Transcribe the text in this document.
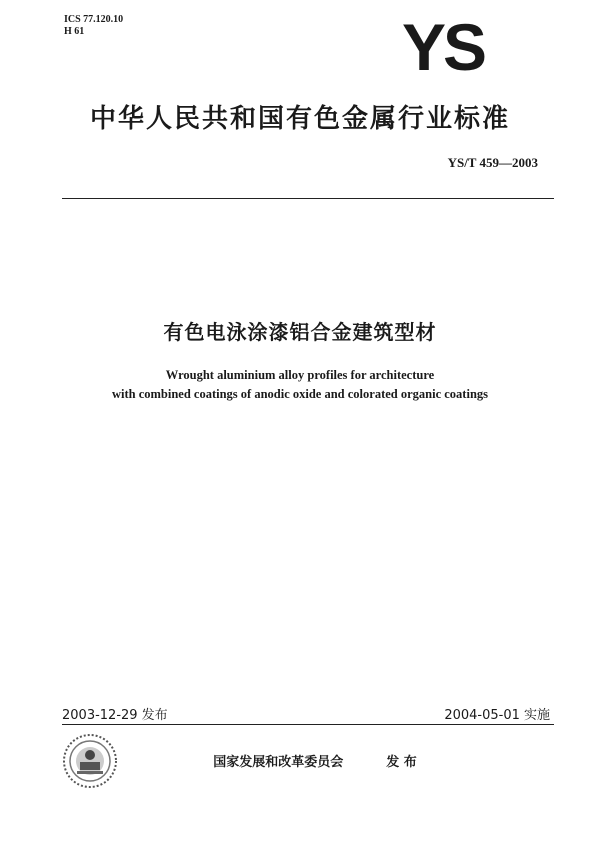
ICS 77.120.10
H 61	YS
中华人民共和国有色金属行业标准
YS/T 459—2003
有色电泳涂漆铝合金建筑型材
Wrought aluminium alloy profiles for architecture
with combined coatings of anodic oxide and colorated organic coatings
2003-12-29 发布	2004-05-01 实施
国家发展和改革委员会	发 布
